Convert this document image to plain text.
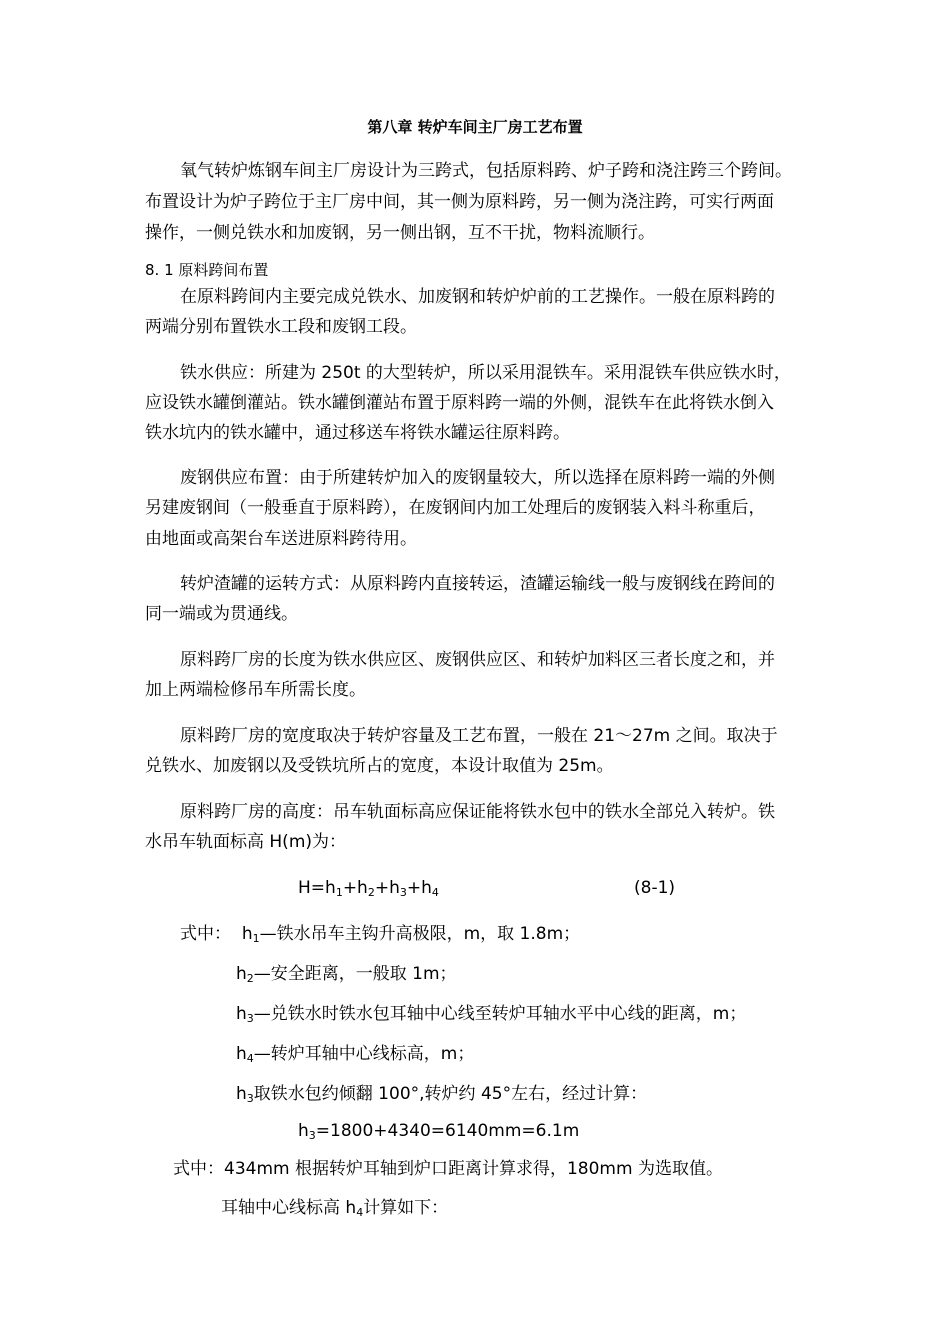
第八章 转炉车间主厂房工艺布置
氧气转炉炼钢车间主厂房设计为三跨式，包括原料跨、炉子跨和浇注跨三个跨间。
布置设计为炉子跨位于主厂房中间，其一侧为原料跨，另一侧为浇注跨，可实行两面
操作，一侧兑铁水和加废钢，另一侧出钢，互不干扰，物料流顺行。
8. 1 原料跨间布置
在原料跨间内主要完成兑铁水、加废钢和转炉炉前的工艺操作。一般在原料跨的
两端分别布置铁水工段和废钢工段。
铁水供应：所建为 250t 的大型转炉，所以采用混铁车。采用混铁车供应铁水时，
应设铁水罐倒灌站。铁水罐倒灌站布置于原料跨一端的外侧，混铁车在此将铁水倒入
铁水坑内的铁水罐中，通过移送车将铁水罐运往原料跨。
废钢供应布置：由于所建转炉加入的废钢量较大，所以选择在原料跨一端的外侧
另建废钢间（一般垂直于原料跨），在废钢间内加工处理后的废钢装入料斗称重后，
由地面或高架台车送进原料跨待用。
转炉渣罐的运转方式：从原料跨内直接转运，渣罐运输线一般与废钢线在跨间的
同一端或为贯通线。
原料跨厂房的长度为铁水供应区、废钢供应区、和转炉加料区三者长度之和，并
加上两端检修吊车所需长度。
原料跨厂房的宽度取决于转炉容量及工艺布置，一般在 21～27m 之间。取决于
兑铁水、加废钢以及受铁坑所占的宽度，本设计取值为 25m。
原料跨厂房的高度：吊车轨面标高应保证能将铁水包中的铁水全部兑入转炉。铁
水吊车轨面标高 H(m)为：
$H=h_1+h_2+h_3+h_4$	(8-1)
式中： $h_1—$铁水吊车主钩升高极限，m，取 1.8m；
$h_2—$安全距离，一般取 1m；
$h_3—$兑铁水时铁水包耳轴中心线至转炉耳轴水平中心线的距离，m；
$h_4—$转炉耳轴中心线标高，m；
$h_3$取铁水包约倾翻 100°,转炉约 45°左右，经过计算：
$h_3=1800+4340=6140mm=6.1m$
式中：434mm 根据转炉耳轴到炉口距离计算求得，180mm 为选取值。
耳轴中心线标高 $h_4$计算如下：
